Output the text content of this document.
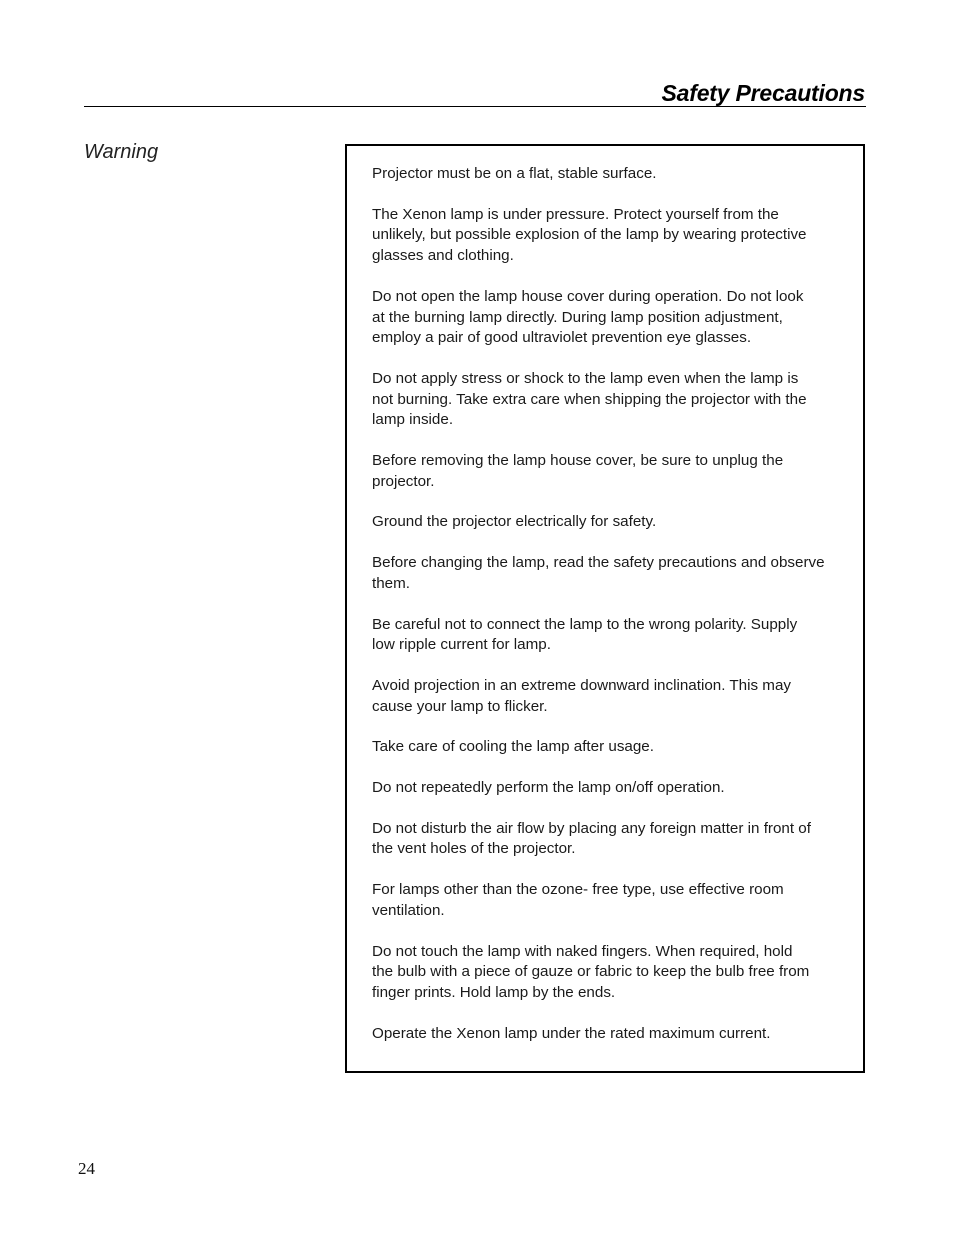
Safety Precautions
Warning

Projector must be on a flat, stable surface.

The Xenon lamp is under pressure. Protect yourself from the
unlikely, but possible explosion of the lamp by wearing protective
glasses and clothing.

Do not open the lamp house cover during operation. Do not look
at the burning lamp directly. During lamp position adjustment,
employ a pair of good ultraviolet prevention eye glasses.

Do not apply stress or shock to the lamp even when the lamp is
not burning. Take extra care when shipping the projector with the
lamp inside.

Before removing the lamp house cover, be sure to unplug the
projector.

Ground the projector electrically for safety.

Before changing the lamp, read the safety precautions and observe
them.

Be careful not to connect the lamp to the wrong polarity. Supply
low ripple current for lamp.

Avoid projection in an extreme downward inclination. This may
cause your lamp to flicker.

Take care of cooling the lamp after usage.

Do not repeatedly perform the lamp on/off operation.

Do not disturb the air flow by placing any foreign matter in front of
the vent holes of the projector.

For lamps other than the ozone- free type, use effective room
ventilation.

Do not touch the lamp with naked fingers. When required, hold
the bulb with a piece of gauze or fabric to keep the bulb free from
finger prints. Hold lamp by the ends.

Operate the Xenon lamp under the rated maximum current.

24
